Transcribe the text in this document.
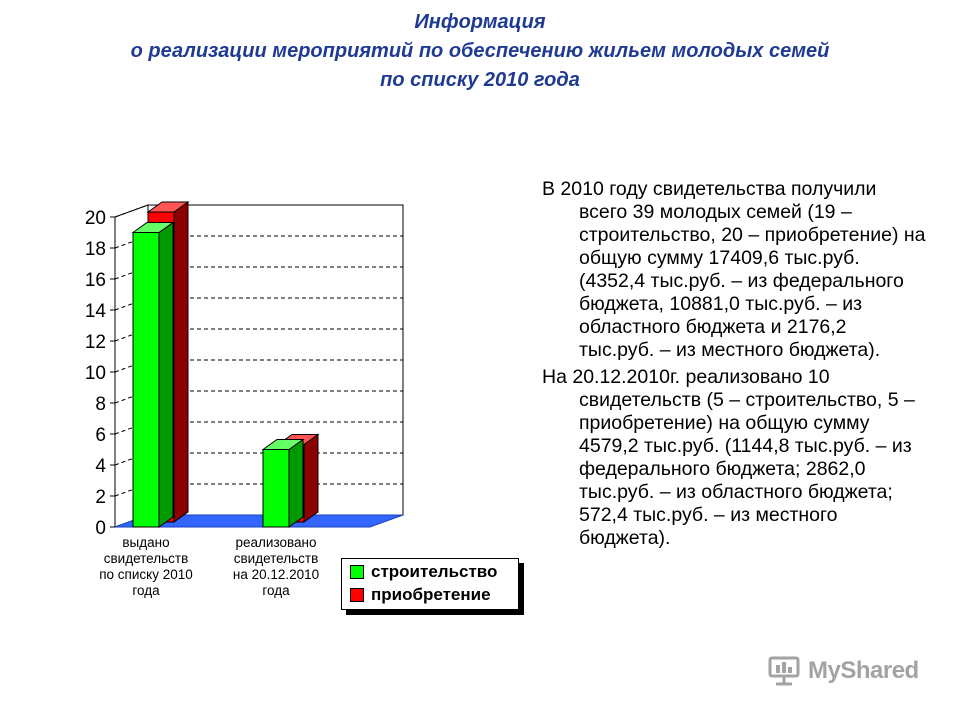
Информация
о реализации мероприятий по обеспечению жильем молодых семей
по списку 2010 года
0
2
4
6
8
10
12
14
16
18
20
выдано
свидетельств
по списку 2010
года
реализовано
свидетельств
на 20.12.2010
года
строительство
приобретение

В 2010 году свидетельства получили всего 39 молодых семей (19 – строительство, 20 – приобретение) на общую сумму 17409,6 тыс.руб. (4352,4 тыс.руб. – из федерального бюджета, 10881,0 тыс.руб. – из областного бюджета и 2176,2 тыс.руб. – из местного бюджета).

На 20.12.2010г. реализовано 10 свидетельств (5 – строительство, 5 – приобретение) на общую сумму 4579,2 тыс.руб. (1144,8 тыс.руб. – из федерального бюджета; 2862,0 тыс.руб. – из областного бюджета; 572,4 тыс.руб. – из местного бюджета).

MyShared
